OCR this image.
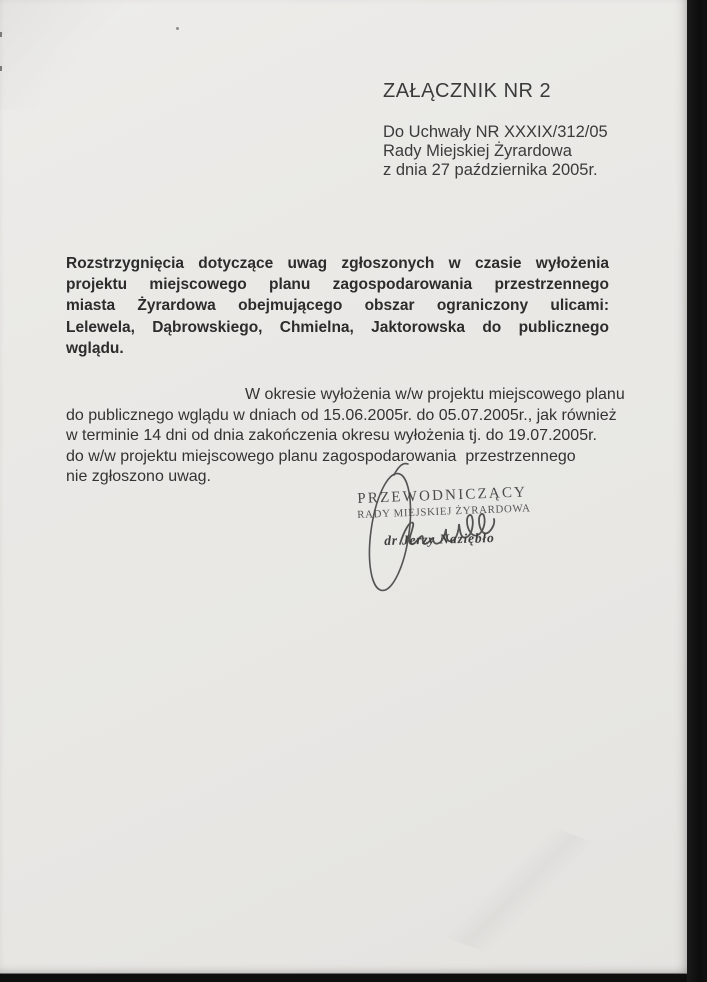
ZAŁĄCZNIK NR 2
Do Uchwały NR XXXIX/312/05
Rady Miejskiej Żyrardowa
z dnia 27 października 2005r.
Rozstrzygnięcia dotyczące uwag zgłoszonych w czasie wyłożenia
projektu miejscowego planu zagospodarowania przestrzennego
miasta Żyrardowa obejmującego obszar ograniczony ulicami:
Lelewela, Dąbrowskiego, Chmielna, Jaktorowska do publicznego
wglądu.
W okresie wyłożenia w/w projektu miejscowego planu
do publicznego wglądu w dniach od 15.06.2005r. do 05.07.2005r., jak również
w terminie 14 dni od dnia zakończenia okresu wyłożenia tj. do 19.07.2005r.
do w/w projektu miejscowego planu zagospodarowania  przestrzennego
nie zgłoszono uwag.
PRZEWODNICZĄCY
RADY MIEJSKIEJ ŻYRARDOWA
dr Jerzy Naziębło
